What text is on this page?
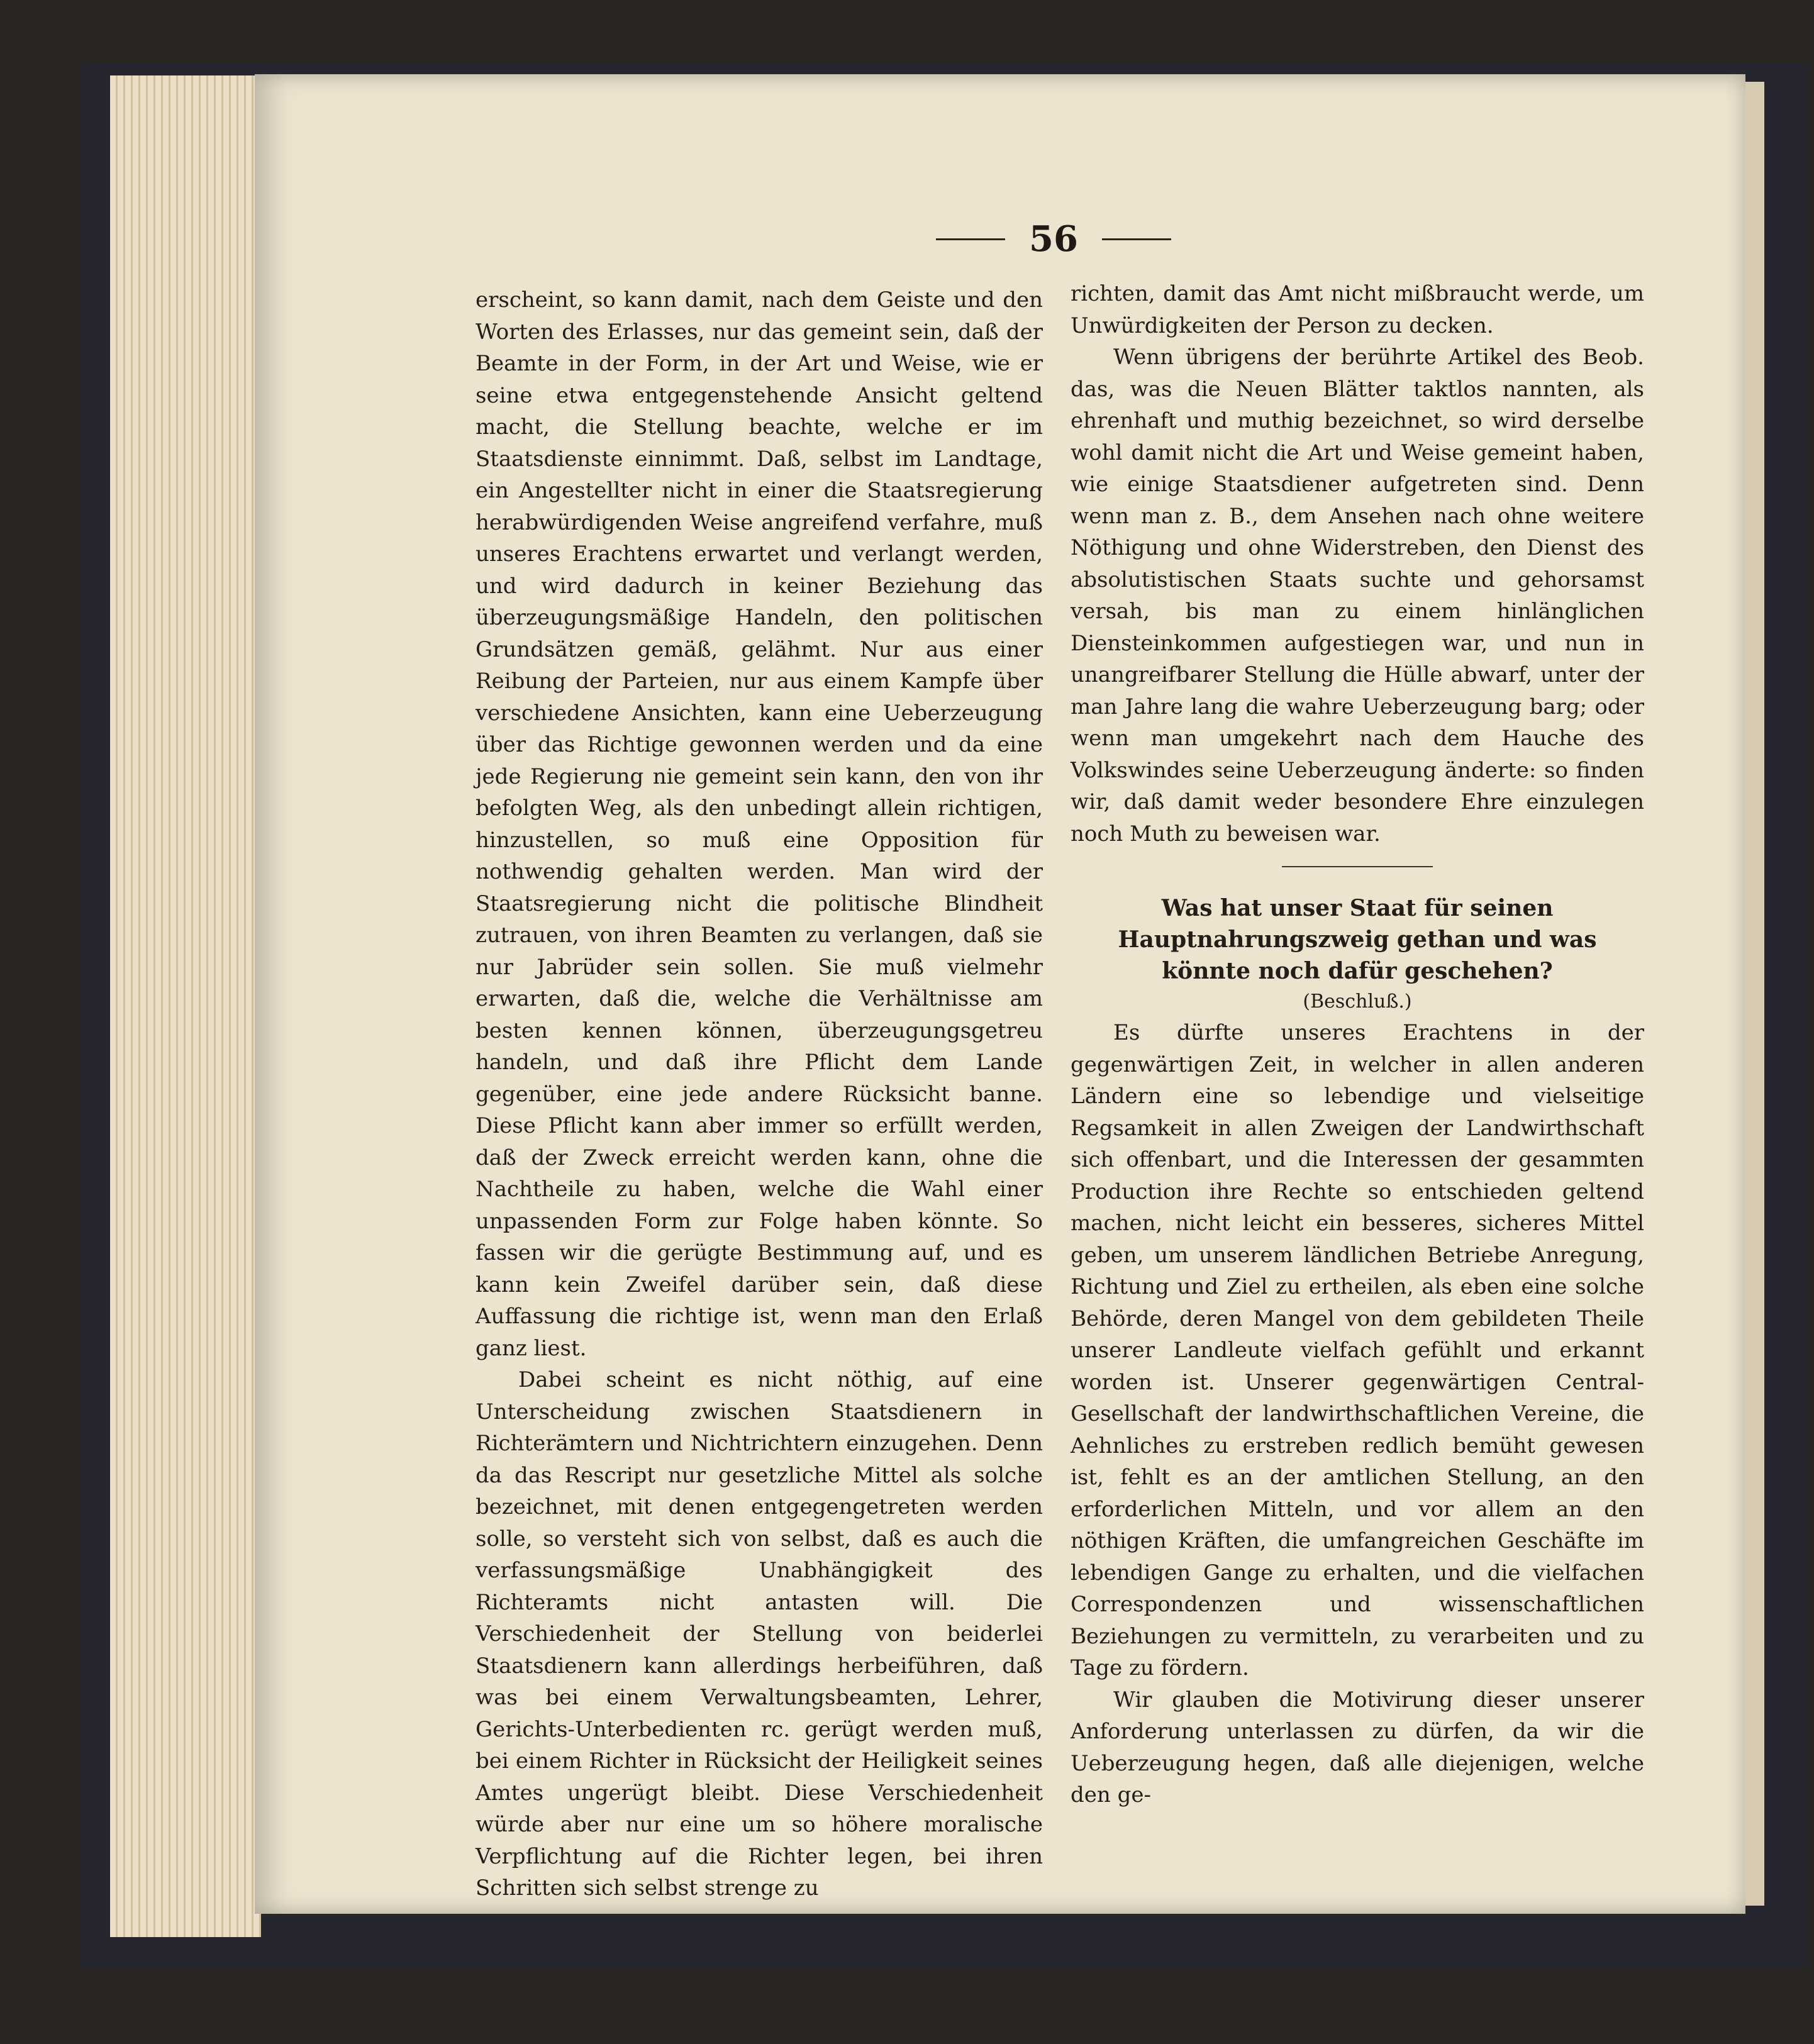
56

erscheint, so kann damit, nach dem Geiste und den Worten des Erlasses, nur das gemeint sein, daß der Beamte in der Form, in der Art und Weise, wie er seine etwa entgegenstehende Ansicht geltend macht, die Stellung beachte, welche er im Staatsdienste einnimmt. Daß, selbst im Landtage, ein Angestellter nicht in einer die Staatsregierung herabwürdigenden Weise angreifend verfahre, muß unseres Erachtens erwartet und verlangt werden, und wird dadurch in keiner Beziehung das überzeugungsmäßige Handeln, den politischen Grundsätzen gemäß, gelähmt. Nur aus einer Reibung der Parteien, nur aus einem Kampfe über verschiedene Ansichten, kann eine Ueberzeugung über das Richtige gewonnen werden und da eine jede Regierung nie gemeint sein kann, den von ihr befolgten Weg, als den unbedingt allein richtigen, hinzustellen, so muß eine Opposition für nothwendig gehalten werden. Man wird der Staatsregierung nicht die politische Blindheit zutrauen, von ihren Beamten zu verlangen, daß sie nur Jabrüder sein sollen. Sie muß vielmehr erwarten, daß die, welche die Verhältnisse am besten kennen können, überzeugungsgetreu handeln, und daß ihre Pflicht dem Lande gegenüber, eine jede andere Rücksicht banne. Diese Pflicht kann aber immer so erfüllt werden, daß der Zweck erreicht werden kann, ohne die Nachtheile zu haben, welche die Wahl einer unpassenden Form zur Folge haben könnte. So fassen wir die gerügte Bestimmung auf, und es kann kein Zweifel darüber sein, daß diese Auffassung die richtige ist, wenn man den Erlaß ganz liest.

Dabei scheint es nicht nöthig, auf eine Unterscheidung zwischen Staatsdienern in Richterämtern und Nichtrichtern einzugehen. Denn da das Rescript nur gesetzliche Mittel als solche bezeichnet, mit denen entgegengetreten werden solle, so versteht sich von selbst, daß es auch die verfassungsmäßige Unabhängigkeit des Richteramts nicht antasten will. Die Verschiedenheit der Stellung von beiderlei Staatsdienern kann allerdings herbeiführen, daß was bei einem Verwaltungsbeamten, Lehrer, Gerichts-Unterbedienten rc. gerügt werden muß, bei einem Richter in Rücksicht der Heiligkeit seines Amtes ungerügt bleibt. Diese Verschiedenheit würde aber nur eine um so höhere moralische Verpflichtung auf die Richter legen, bei ihren Schritten sich selbst strenge zu

richten, damit das Amt nicht mißbraucht werde, um Unwürdigkeiten der Person zu decken.

Wenn übrigens der berührte Artikel des Beob. das, was die Neuen Blätter taktlos nannten, als ehrenhaft und muthig bezeichnet, so wird derselbe wohl damit nicht die Art und Weise gemeint haben, wie einige Staatsdiener aufgetreten sind. Denn wenn man z. B., dem Ansehen nach ohne weitere Nöthigung und ohne Widerstreben, den Dienst des absolutistischen Staats suchte und gehorsamst versah, bis man zu einem hinlänglichen Diensteinkommen aufgestiegen war, und nun in unangreifbarer Stellung die Hülle abwarf, unter der man Jahre lang die wahre Ueberzeugung barg; oder wenn man umgekehrt nach dem Hauche des Volkswindes seine Ueberzeugung änderte: so finden wir, daß damit weder besondere Ehre einzulegen noch Muth zu beweisen war.

Was hat unser Staat für seinen Hauptnahrungszweig gethan und was könnte noch dafür geschehen?

(Beschluß.)

Es dürfte unseres Erachtens in der gegenwärtigen Zeit, in welcher in allen anderen Ländern eine so lebendige und vielseitige Regsamkeit in allen Zweigen der Landwirthschaft sich offenbart, und die Interessen der gesammten Production ihre Rechte so entschieden geltend machen, nicht leicht ein besseres, sicheres Mittel geben, um unserem ländlichen Betriebe Anregung, Richtung und Ziel zu ertheilen, als eben eine solche Behörde, deren Mangel von dem gebildeten Theile unserer Landleute vielfach gefühlt und erkannt worden ist. Unserer gegenwärtigen Central-Gesellschaft der landwirthschaftlichen Vereine, die Aehnliches zu erstreben redlich bemüht gewesen ist, fehlt es an der amtlichen Stellung, an den erforderlichen Mitteln, und vor allem an den nöthigen Kräften, die umfangreichen Geschäfte im lebendigen Gange zu erhalten, und die vielfachen Correspondenzen und wissenschaftlichen Beziehungen zu vermitteln, zu verarbeiten und zu Tage zu fördern.

Wir glauben die Motivirung dieser unserer Anforderung unterlassen zu dürfen, da wir die Ueberzeugung hegen, daß alle diejenigen, welche den ge-
